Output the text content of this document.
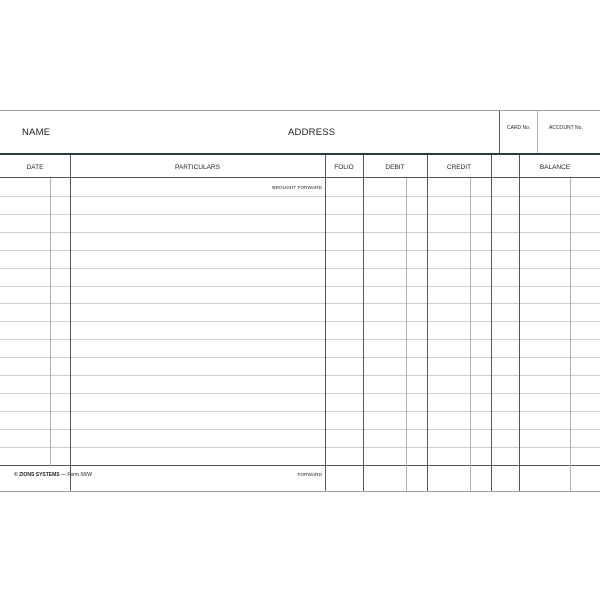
NAME	ADDRESS	CARD No.	ACCOUNT No.
DATE	PARTICULARS	FOLIO	DEBIT	CREDIT	BALANCE
BROUGHT FORWARD
FORWARD
© ZIONS SYSTEMS — Form 58/W
